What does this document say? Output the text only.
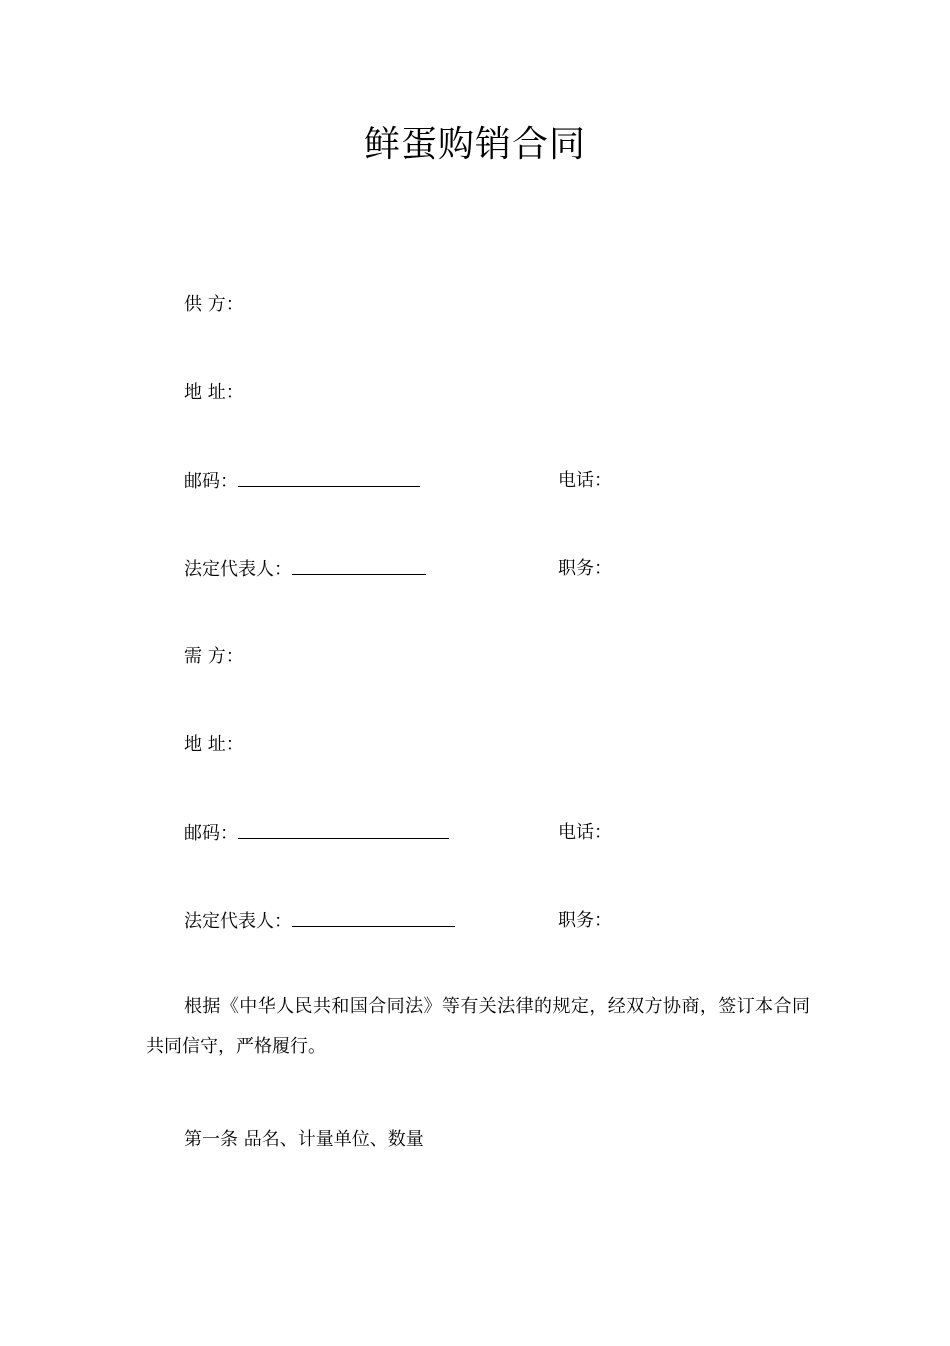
鲜蛋购销合同
供 方：
地 址：
邮码：	电话：
法定代表人：	职务：
需 方：
地 址：
邮码：	电话：
法定代表人：	职务：
根据《中华人民共和国合同法》等有关法律的规定，经双方协商，签订本合同共同信守，严格履行。
第一条 品名、计量单位、数量
